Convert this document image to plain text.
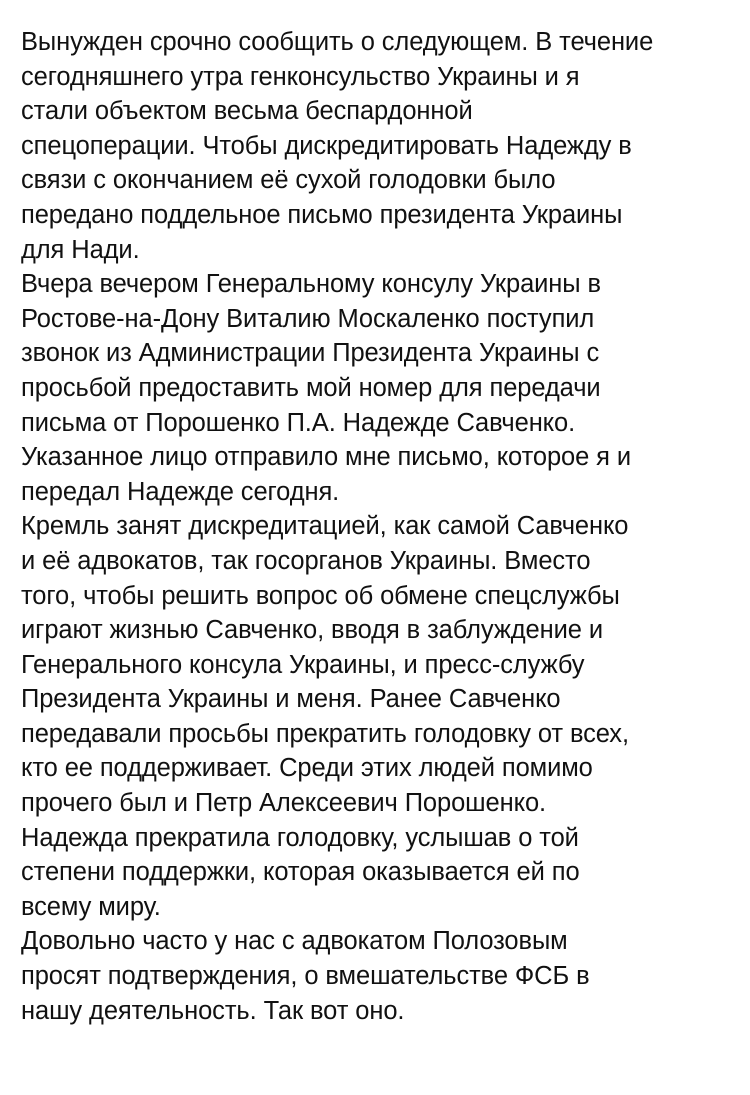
Вынужден срочно сообщить о следующем. В течение
сегодняшнего утра генконсульство Украины и я
стали объектом весьма беспардонной
спецоперации. Чтобы дискредитировать Надежду в
связи с окончанием её сухой голодовки было
передано поддельное письмо президента Украины
для Нади.
Вчера вечером Генеральному консулу Украины в
Ростове-на-Дону Виталию Москаленко поступил
звонок из Администрации Президента Украины с
просьбой предоставить мой номер для передачи
письма от Порошенко П.А. Надежде Савченко.
Указанное лицо отправило мне письмо, которое я и
передал Надежде сегодня.
Кремль занят дискредитацией, как самой Савченко
и её адвокатов, так госорганов Украины. Вместо
того, чтобы решить вопрос об обмене спецслужбы
играют жизнью Савченко, вводя в заблуждение и
Генерального консула Украины, и пресс-службу
Президента Украины и меня. Ранее Савченко
передавали просьбы прекратить голодовку от всех,
кто ее поддерживает. Среди этих людей помимо
прочего был и Петр Алексеевич Порошенко.
Надежда прекратила голодовку, услышав о той
степени поддержки, которая оказывается ей по
всему миру.
Довольно часто у нас с адвокатом Полозовым
просят подтверждения, о вмешательстве ФСБ в
нашу деятельность. Так вот оно.
